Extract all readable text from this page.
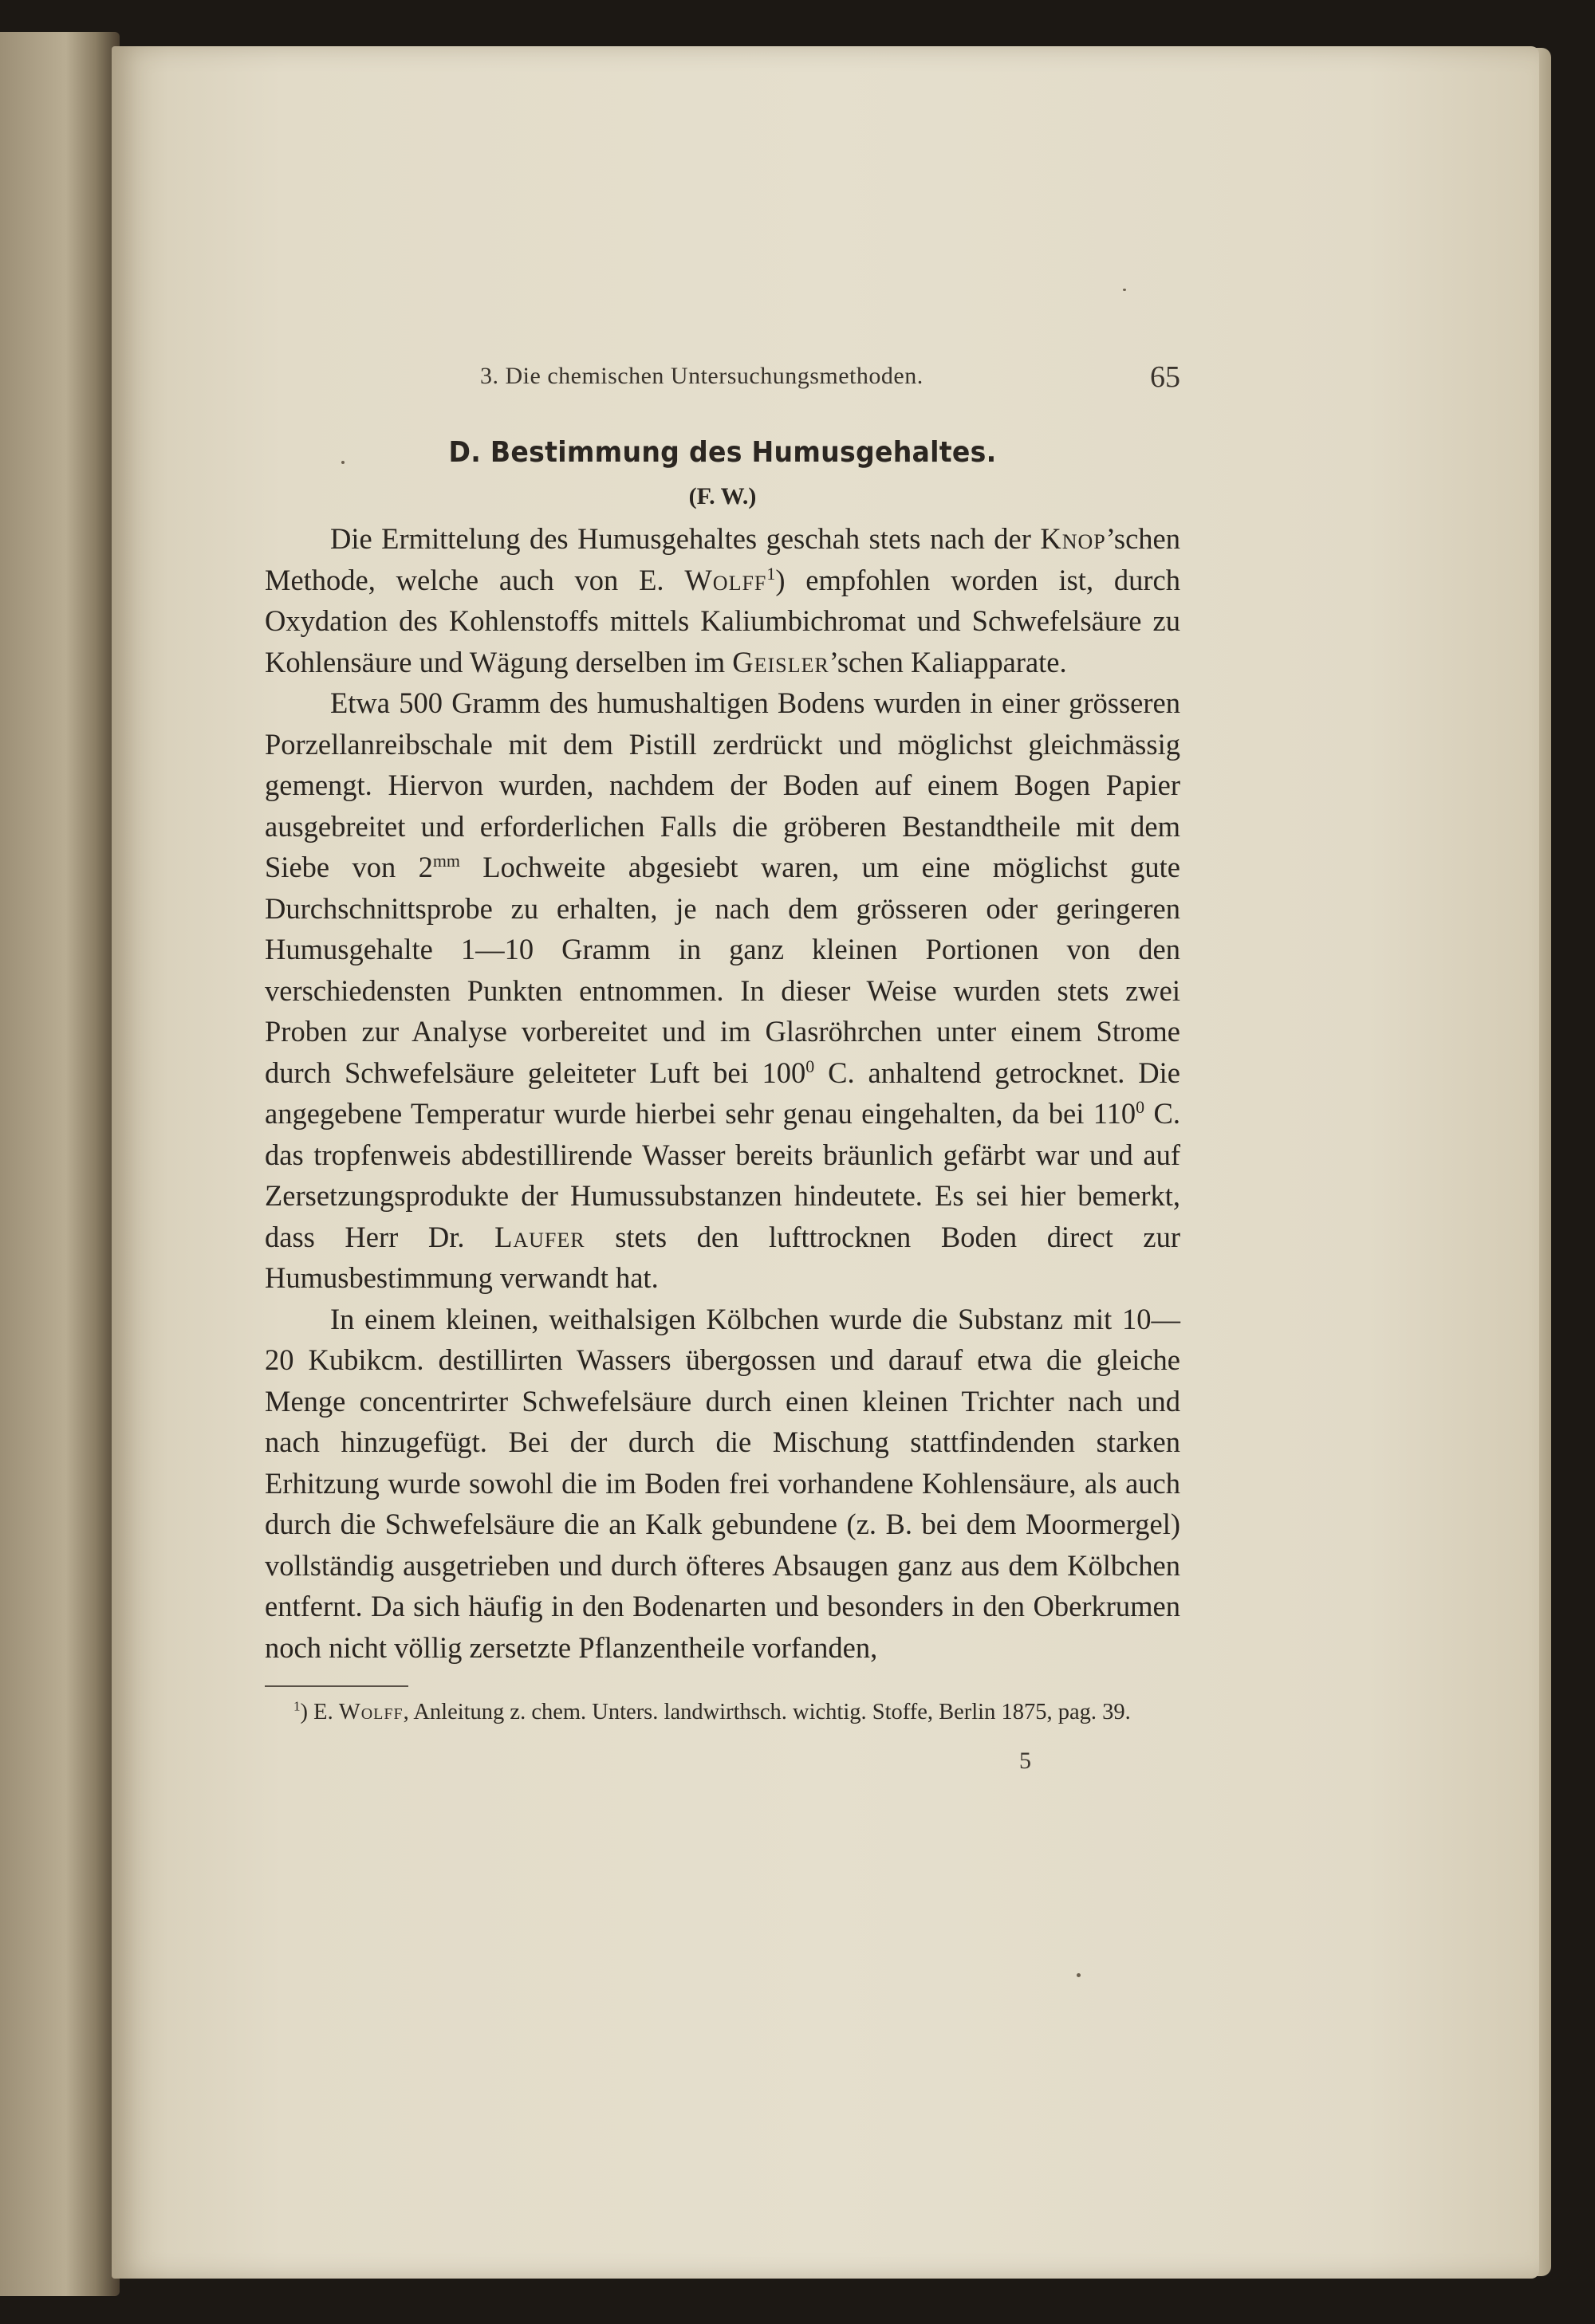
3. Die chemischen Untersuchungsmethoden.	65
D. Bestimmung des Humusgehaltes.
(F. W.)

Die Ermittelung des Humusgehaltes geschah stets nach der Knop’schen Methode, welche auch von E. Wolff$^1$) empfohlen worden ist, durch Oxydation des Kohlenstoffs mittels Kaliumbichromat und Schwefelsäure zu Kohlensäure und Wägung derselben im Geisler’schen Kaliapparate.

Etwa 500 Gramm des humushaltigen Bodens wurden in einer grösseren Porzellanreibschale mit dem Pistill zerdrückt und möglichst gleichmässig gemengt. Hiervon wurden, nachdem der Boden auf einem Bogen Papier ausgebreitet und erforderlichen Falls die gröberen Bestandtheile mit dem Siebe von $2^{mm}$ Lochweite abgesiebt waren, um eine möglichst gute Durchschnittsprobe zu erhalten, je nach dem grösseren oder geringeren Humusgehalte 1—10 Gramm in ganz kleinen Portionen von den verschiedensten Punkten entnommen. In dieser Weise wurden stets zwei Proben zur Analyse vorbereitet und im Glasröhrchen unter einem Strome durch Schwefelsäure geleiteter Luft bei $100^0$ C. anhaltend getrocknet. Die angegebene Temperatur wurde hierbei sehr genau eingehalten, da bei $110^0$ C. das tropfenweis abdestillirende Wasser bereits bräunlich gefärbt war und auf Zersetzungsprodukte der Humussubstanzen hindeutete. Es sei hier bemerkt, dass Herr Dr. Laufer stets den lufttrocknen Boden direct zur Humusbestimmung verwandt hat.

In einem kleinen, weithalsigen Kölbchen wurde die Substanz mit 10—20 Kubikcm. destillirten Wassers übergossen und darauf etwa die gleiche Menge concentrirter Schwefelsäure durch einen kleinen Trichter nach und nach hinzugefügt. Bei der durch die Mischung stattfindenden starken Erhitzung wurde sowohl die im Boden frei vorhandene Kohlensäure, als auch durch die Schwefelsäure die an Kalk gebundene (z. B. bei dem Moormergel) vollständig ausgetrieben und durch öfteres Absaugen ganz aus dem Kölbchen entfernt. Da sich häufig in den Bodenarten und besonders in den Oberkrumen noch nicht völlig zersetzte Pflanzentheile vorfanden,

$^1$) E. Wolff, Anleitung z. chem. Unters. landwirthsch. wichtig. Stoffe, Berlin 1875, pag. 39.
5
